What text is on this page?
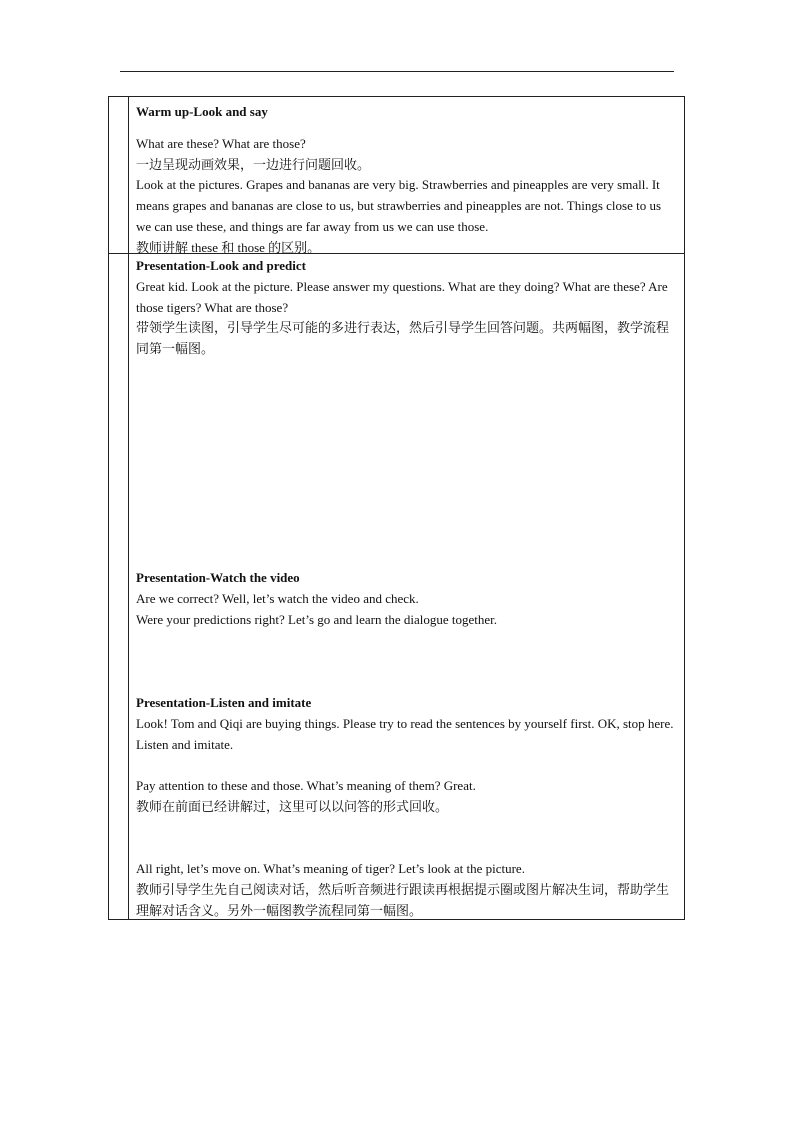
Warm up-Look and say

What are these? What are those?

一边呈现动画效果，一边进行问题回收。

Look at the pictures. Grapes and bananas are very big. Strawberries and pineapples are very small. It means grapes and bananas are close to us, but strawberries and pineapples are not. Things close to us we can use these, and things are far away from us we can use those.

教师讲解 these 和 those 的区别。

Presentation-Look and predict

Great kid. Look at the picture. Please answer my questions. What are they doing? What are these? Are those tigers? What are those?

带领学生读图，引导学生尽可能的多进行表达，然后引导学生回答问题。共两幅图，教学流程同第一幅图。

Presentation-Watch the video

Are we correct? Well, let’s watch the video and check.

Were your predictions right? Let’s go and learn the dialogue together.

Presentation-Listen and imitate

Look! Tom and Qiqi are buying things. Please try to read the sentences by yourself first. OK, stop here. Listen and imitate.

Pay attention to these and those. What’s meaning of them? Great.

教师在前面已经讲解过，这里可以以问答的形式回收。

All right, let’s move on. What’s meaning of tiger? Let’s look at the picture.

教师引导学生先自己阅读对话，然后听音频进行跟读再根据提示圈或图片解决生词，帮助学生理解对话含义。另外一幅图教学流程同第一幅图。
